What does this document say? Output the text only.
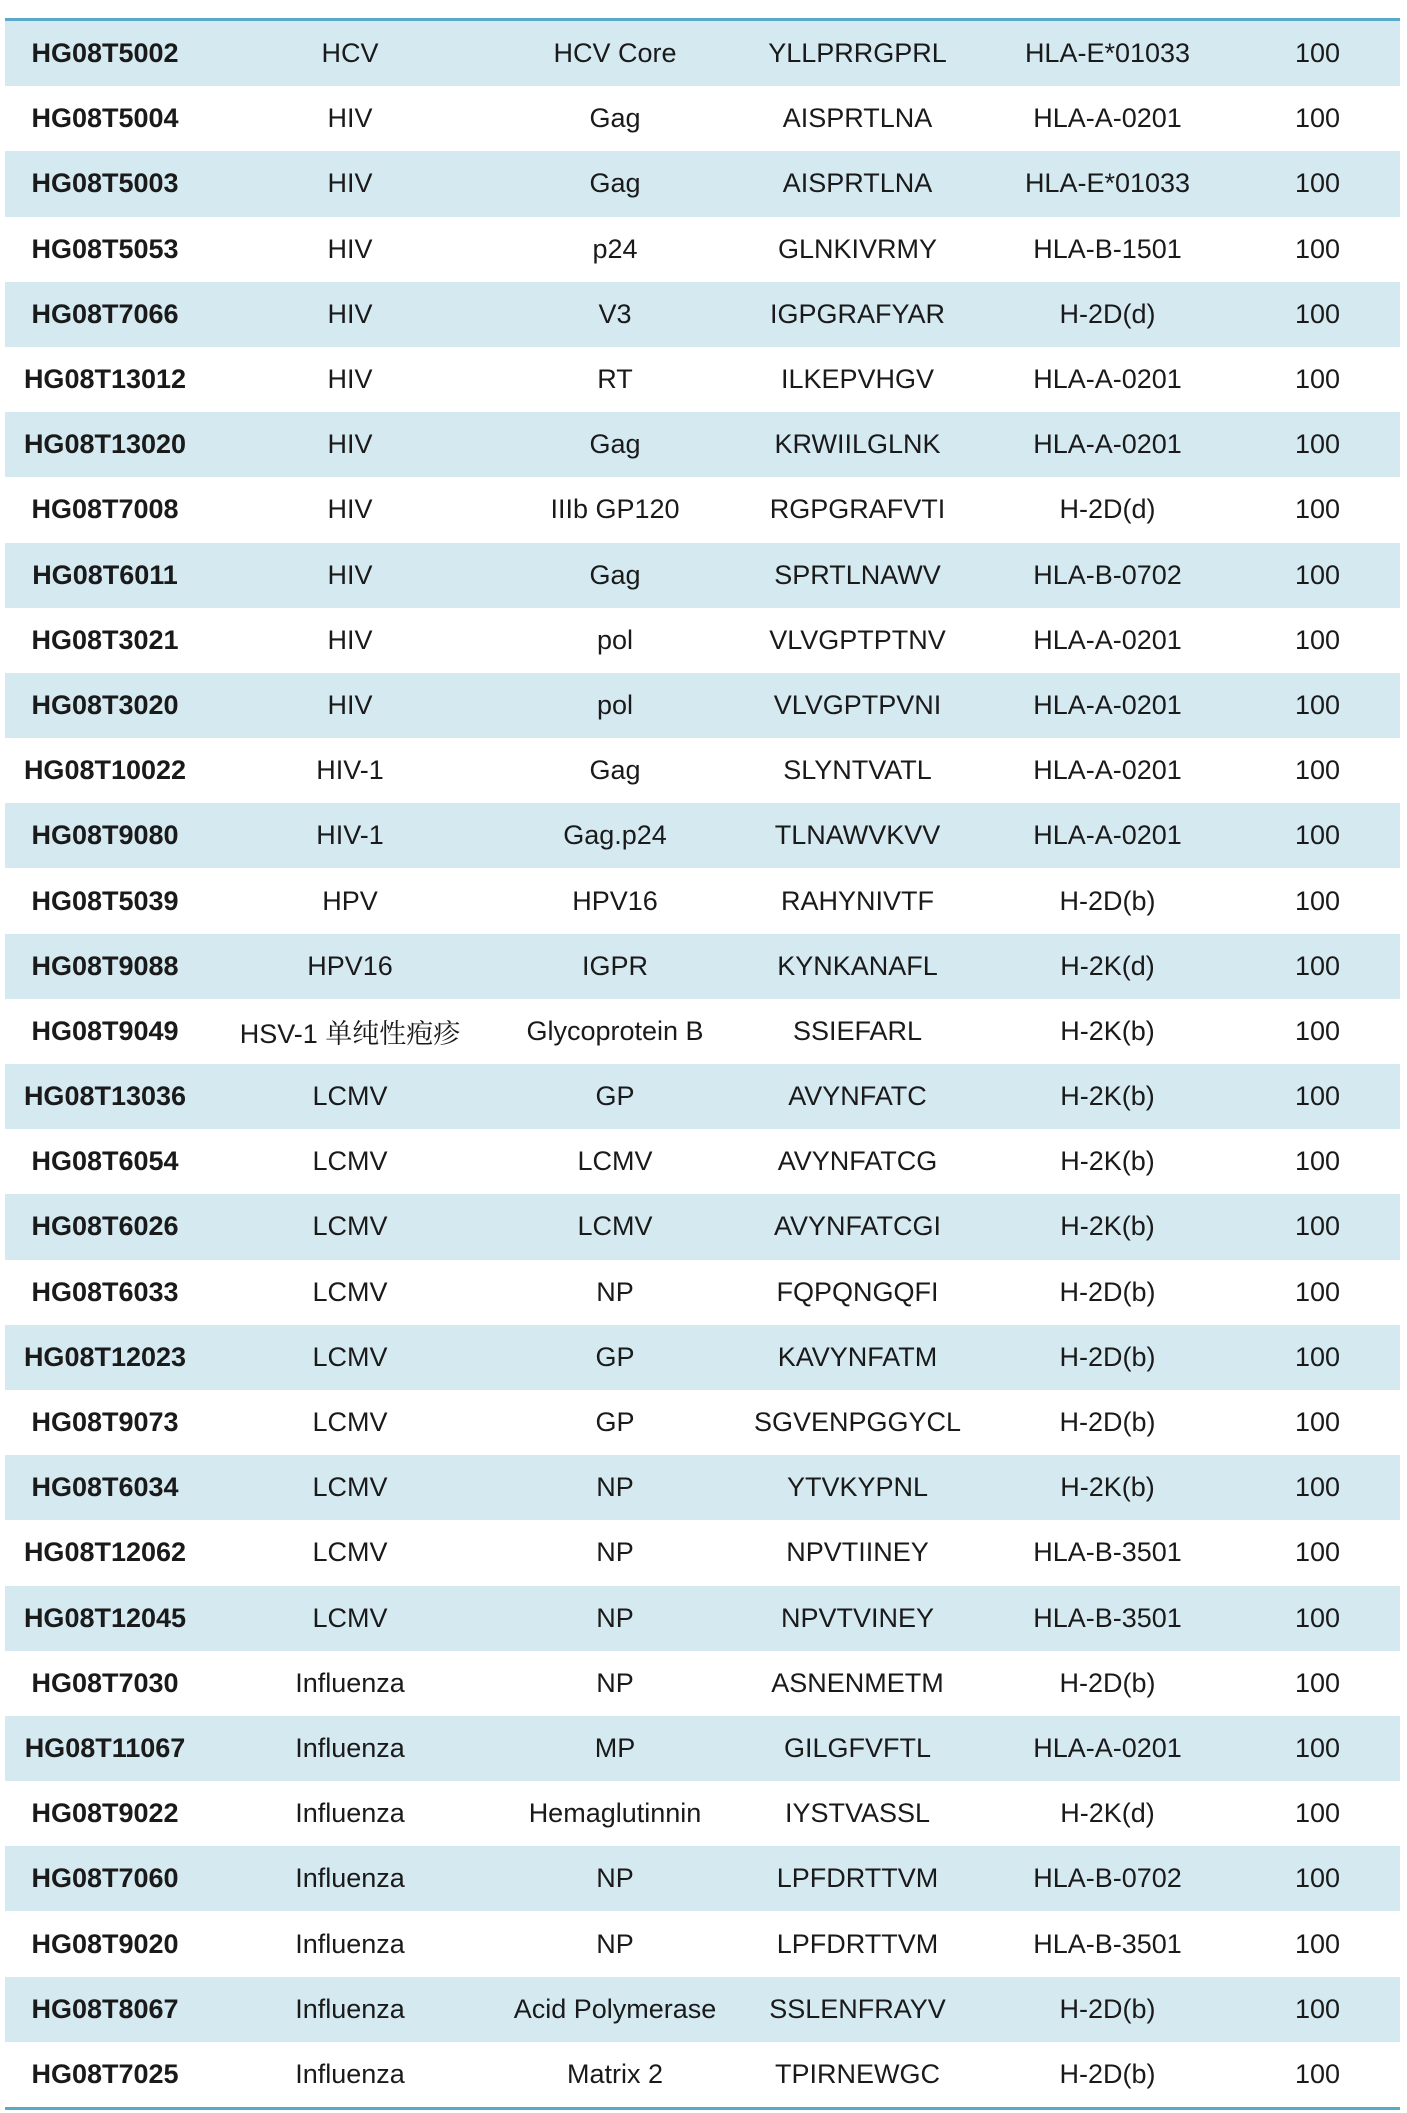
HG08T5002	HCV	HCV Core	YLLPRRGPRL	HLA-E*01033	100
HG08T5004	HIV	Gag	AISPRTLNA	HLA-A-0201	100
HG08T5003	HIV	Gag	AISPRTLNA	HLA-E*01033	100
HG08T5053	HIV	p24	GLNKIVRMY	HLA-B-1501	100
HG08T7066	HIV	V3	IGPGRAFYAR	H-2D(d)	100
HG08T13012	HIV	RT	ILKEPVHGV	HLA-A-0201	100
HG08T13020	HIV	Gag	KRWIILGLNK	HLA-A-0201	100
HG08T7008	HIV	IIIb GP120	RGPGRAFVTI	H-2D(d)	100
HG08T6011	HIV	Gag	SPRTLNAWV	HLA-B-0702	100
HG08T3021	HIV	pol	VLVGPTPTNV	HLA-A-0201	100
HG08T3020	HIV	pol	VLVGPTPVNI	HLA-A-0201	100
HG08T10022	HIV-1	Gag	SLYNTVATL	HLA-A-0201	100
HG08T9080	HIV-1	Gag.p24	TLNAWVKVV	HLA-A-0201	100
HG08T5039	HPV	HPV16	RAHYNIVTF	H-2D(b)	100
HG08T9088	HPV16	IGPR	KYNKANAFL	H-2K(d)	100
HG08T9049	HSV-1 单纯性疱疹	Glycoprotein B	SSIEFARL	H-2K(b)	100
HG08T13036	LCMV	GP	AVYNFATC	H-2K(b)	100
HG08T6054	LCMV	LCMV	AVYNFATCG	H-2K(b)	100
HG08T6026	LCMV	LCMV	AVYNFATCGI	H-2K(b)	100
HG08T6033	LCMV	NP	FQPQNGQFI	H-2D(b)	100
HG08T12023	LCMV	GP	KAVYNFATM	H-2D(b)	100
HG08T9073	LCMV	GP	SGVENPGGYCL	H-2D(b)	100
HG08T6034	LCMV	NP	YTVKYPNL	H-2K(b)	100
HG08T12062	LCMV	NP	NPVTIINEY	HLA-B-3501	100
HG08T12045	LCMV	NP	NPVTVINEY	HLA-B-3501	100
HG08T7030	Influenza	NP	ASNENMETM	H-2D(b)	100
HG08T11067	Influenza	MP	GILGFVFTL	HLA-A-0201	100
HG08T9022	Influenza	Hemaglutinnin	IYSTVASSL	H-2K(d)	100
HG08T7060	Influenza	NP	LPFDRTTVM	HLA-B-0702	100
HG08T9020	Influenza	NP	LPFDRTTVM	HLA-B-3501	100
HG08T8067	Influenza	Acid Polymerase	SSLENFRAYV	H-2D(b)	100
HG08T7025	Influenza	Matrix 2	TPIRNEWGC	H-2D(b)	100
